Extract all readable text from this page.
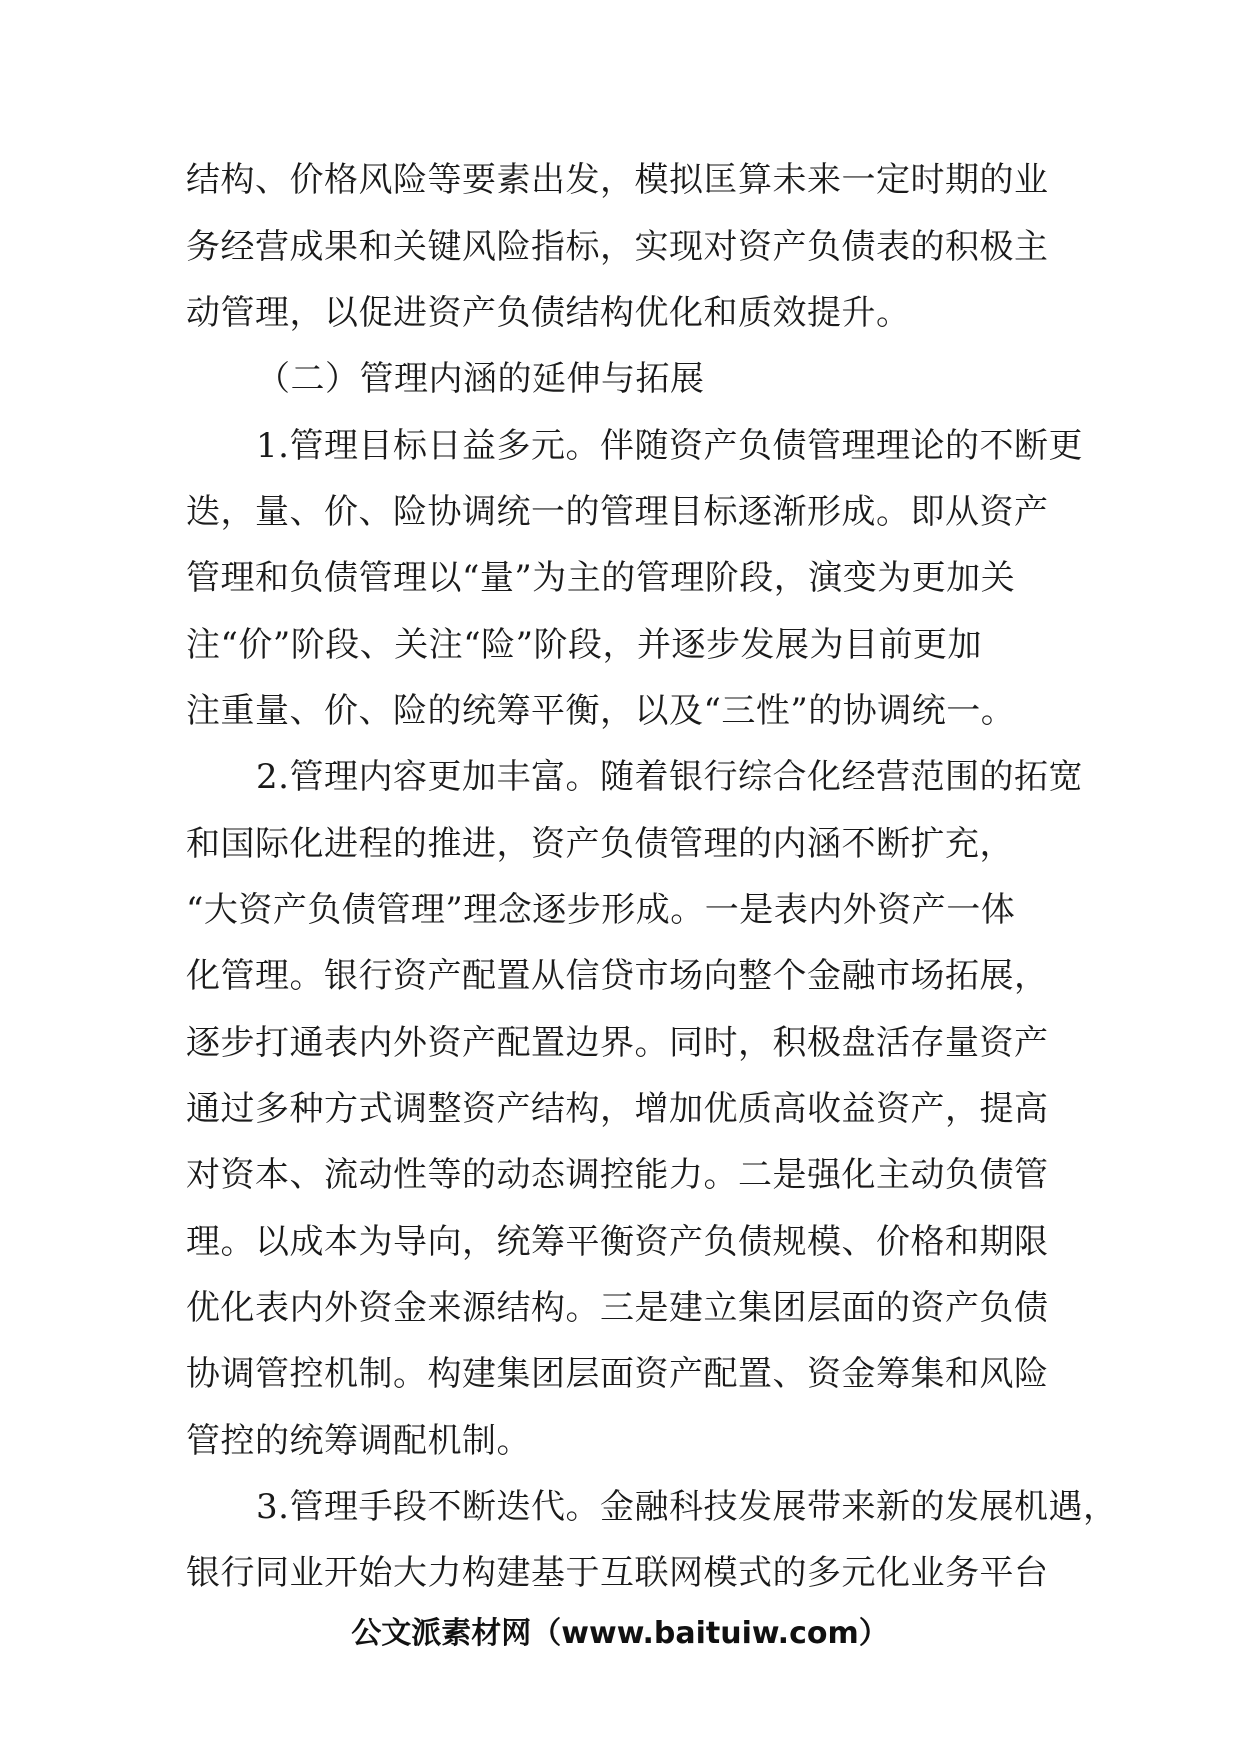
结构、价格风险等要素出发，模拟匡算未来一定时期的业
务经营成果和关键风险指标，实现对资产负债表的积极主
动管理，以促进资产负债结构优化和质效提升。
（二）管理内涵的延伸与拓展
1.管理目标日益多元。伴随资产负债管理理论的不断更
迭，量、价、险协调统一的管理目标逐渐形成。即从资产
管理和负债管理以“量”为主的管理阶段，演变为更加关
注“价”阶段、关注“险”阶段，并逐步发展为目前更加
注重量、价、险的统筹平衡，以及“三性”的协调统一。
2.管理内容更加丰富。随着银行综合化经营范围的拓宽
和国际化进程的推进，资产负债管理的内涵不断扩充，
“大资产负债管理”理念逐步形成。一是表内外资产一体
化管理。银行资产配置从信贷市场向整个金融市场拓展，
逐步打通表内外资产配置边界。同时，积极盘活存量资产
通过多种方式调整资产结构，增加优质高收益资产，提高
对资本、流动性等的动态调控能力。二是强化主动负债管
理。以成本为导向，统筹平衡资产负债规模、价格和期限
优化表内外资金来源结构。三是建立集团层面的资产负债
协调管控机制。构建集团层面资产配置、资金筹集和风险
管控的统筹调配机制。
3.管理手段不断迭代。金融科技发展带来新的发展机遇，
银行同业开始大力构建基于互联网模式的多元化业务平台
公文派素材网（www.baituiw.com）
